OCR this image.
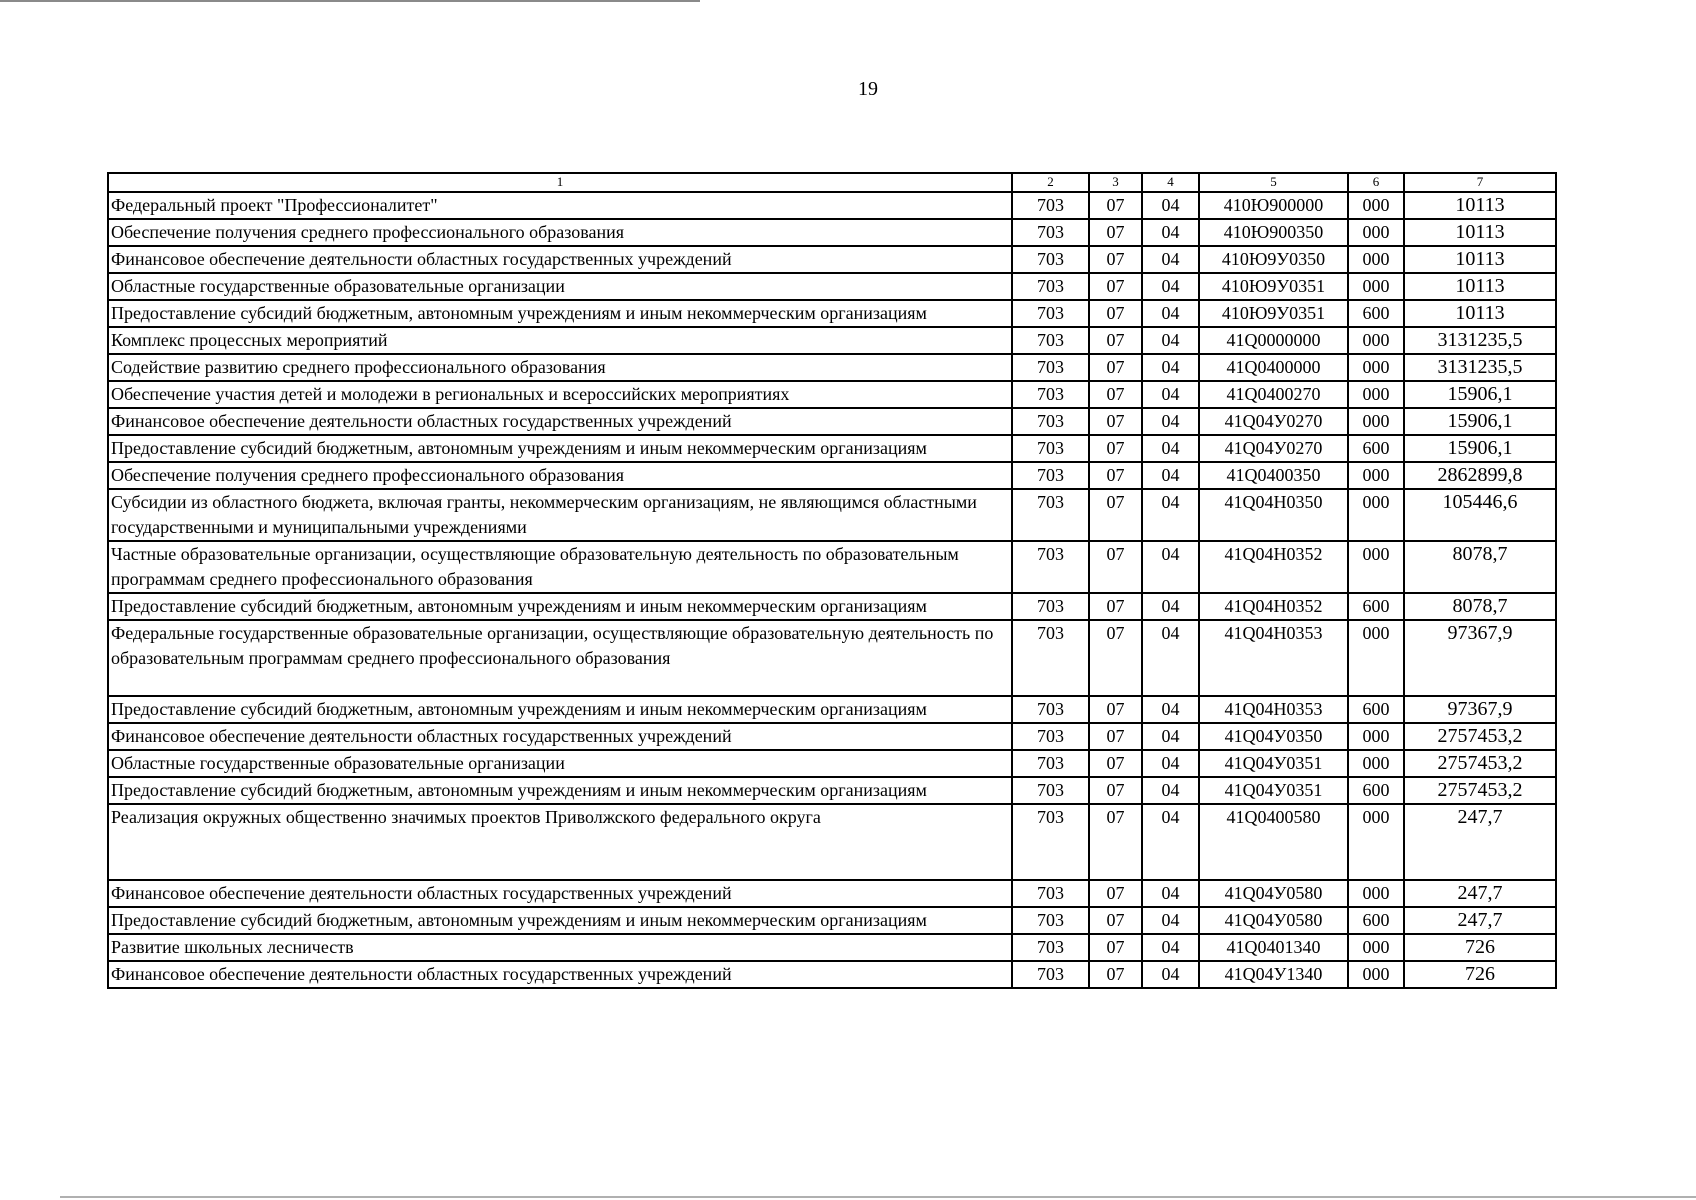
19
1	2	3	4	5	6	7
Федеральный проект "Профессионалитет"	703	07	04	410Ю900000	000	10113
Обеспечение получения среднего профессионального образования	703	07	04	410Ю900350	000	10113
Финансовое обеспечение деятельности областных государственных учреждений	703	07	04	410Ю9У0350	000	10113
Областные государственные образовательные организации	703	07	04	410Ю9У0351	000	10113
Предоставление субсидий бюджетным, автономным учреждениям и иным некоммерческим организациям	703	07	04	410Ю9У0351	600	10113
Комплекс процессных мероприятий	703	07	04	41Q0000000	000	3131235,5
Содействие развитию среднего профессионального образования	703	07	04	41Q0400000	000	3131235,5
Обеспечение участия детей и молодежи в региональных и всероссийских мероприятиях	703	07	04	41Q0400270	000	15906,1
Финансовое обеспечение деятельности областных государственных учреждений	703	07	04	41Q04У0270	000	15906,1
Предоставление субсидий бюджетным, автономным учреждениям и иным некоммерческим организациям	703	07	04	41Q04У0270	600	15906,1
Обеспечение получения среднего профессионального образования	703	07	04	41Q0400350	000	2862899,8
Субсидии из областного бюджета, включая гранты, некоммерческим организациям, не являющимся областными государственными и муниципальными учреждениями	703	07	04	41Q04H0350	000	105446,6
Частные образовательные организации, осуществляющие образовательную деятельность по образовательным программам среднего профессионального образования	703	07	04	41Q04H0352	000	8078,7
Предоставление субсидий бюджетным, автономным учреждениям и иным некоммерческим организациям	703	07	04	41Q04H0352	600	8078,7
Федеральные государственные образовательные организации, осуществляющие образовательную деятельность по образовательным программам среднего профессионального образования	703	07	04	41Q04H0353	000	97367,9
Предоставление субсидий бюджетным, автономным учреждениям и иным некоммерческим организациям	703	07	04	41Q04H0353	600	97367,9
Финансовое обеспечение деятельности областных государственных учреждений	703	07	04	41Q04У0350	000	2757453,2
Областные государственные образовательные организации	703	07	04	41Q04У0351	000	2757453,2
Предоставление субсидий бюджетным, автономным учреждениям и иным некоммерческим организациям	703	07	04	41Q04У0351	600	2757453,2
Реализация окружных общественно значимых проектов Приволжского федерального округа	703	07	04	41Q0400580	000	247,7
Финансовое обеспечение деятельности областных государственных учреждений	703	07	04	41Q04У0580	000	247,7
Предоставление субсидий бюджетным, автономным учреждениям и иным некоммерческим организациям	703	07	04	41Q04У0580	600	247,7
Развитие школьных лесничеств	703	07	04	41Q0401340	000	726
Финансовое обеспечение деятельности областных государственных учреждений	703	07	04	41Q04У1340	000	726
